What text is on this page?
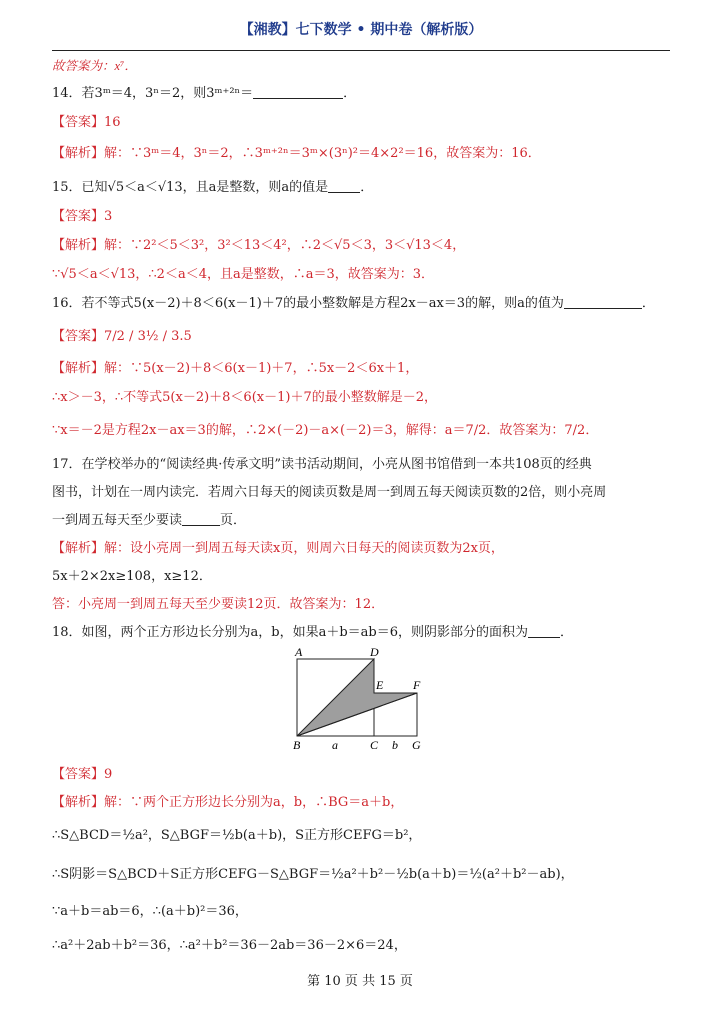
【湘教】七下数学 • 期中卷（解析版）
故答案为：x⁷．
14．若3ᵐ＝4，3ⁿ＝2，则3ᵐ⁺²ⁿ＝	．
【答案】16
【解析】解：∵3ᵐ＝4，3ⁿ＝2，∴3ᵐ⁺²ⁿ＝3ᵐ×(3ⁿ)²＝4×2²＝16，故答案为：16．
15．已知√5＜a＜√13，且a是整数，则a的值是 ．
【答案】3
【解析】解：∵2²＜5＜3²，3²＜13＜4²，∴2＜√5＜3，3＜√13＜4，
∵√5＜a＜√13，∴2＜a＜4，且a是整数，∴a＝3，故答案为：3．
16．若不等式5(x－2)＋8＜6(x－1)＋7的最小整数解是方程2x－ax＝3的解，则a的值为	．
【答案】7/2 / 3½ / 3.5
【解析】解：∵5(x－2)＋8＜6(x－1)＋7，∴5x－2＜6x＋1，
∴x＞－3，∴不等式5(x－2)＋8＜6(x－1)＋7的最小整数解是－2，
∵x＝－2是方程2x－ax＝3的解，∴2×(－2)－a×(－2)＝3，解得：a＝7/2．故答案为：7/2．
17．在学校举办的“阅读经典·传承文明”读书活动期间，小亮从图书馆借到一本共108页的经典
图书，计划在一周内读完．若周六日每天的阅读页数是周一到周五每天阅读页数的2倍，则小亮周
一到周五每天至少要读	页．
【解析】解：设小亮周一到周五每天读x页，则周六日每天的阅读页数为2x页，
5x＋2×2x≥108，x≥12．
答：小亮周一到周五每天至少要读12页．故答案为：12．
18．如图，两个正方形边长分别为a，b，如果a＋b＝ab＝6，则阴影部分的面积为 ．
A	D
E F
B	a	C b G
【答案】9
【解析】解：∵两个正方形边长分别为a，b，∴BG＝a＋b，
∴S△BCD＝½a²，S△BGF＝½b(a＋b)，S正方形CEFG＝b²，
∴S阴影＝S△BCD＋S正方形CEFG－S△BGF＝½a²＋b²－½b(a＋b)＝½(a²＋b²－ab)，
∵a＋b＝ab＝6，∴(a＋b)²＝36，
∴a²＋2ab＋b²＝36，∴a²＋b²＝36－2ab＝36－2×6＝24，
第 10 页 共 15 页
